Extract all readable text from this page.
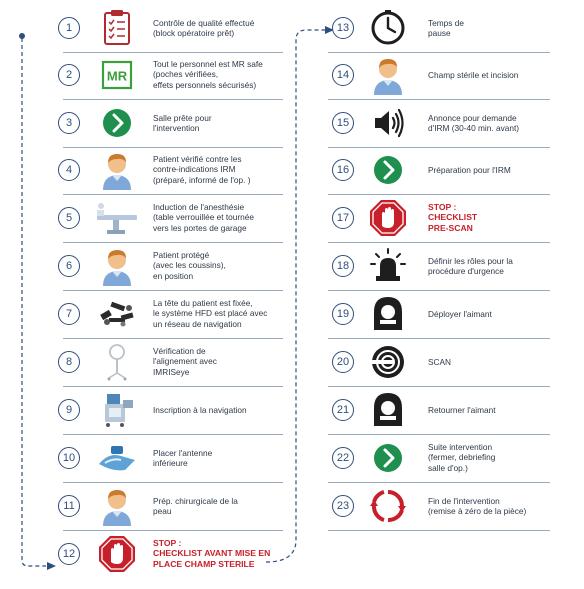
1	Contrôle de qualité effectué
(block opératoire prêt)
2	MR
Tout le personnel est MR safe
(poches vérifiées,
effets personnels sécurisés)
3	Salle prête pour
l'intervention
4
Patient vérifié contre les
contre-indications IRM
(préparé, informé de l'op. )
5
Induction de l'anesthésie
(table verrouillée et tournée
vers les portes de garage
6
Patient protégé
(avec les coussins),
en position
7
La tête du patient est fixée,
le système HFD est placé avec
un réseau de navigation
8
Vérification de
l'alignement avec
IMRISeye
9	Inscription à la navigation
10	Placer l'antenne
inférieure
11	Prép. chirurgicale de la
peau
12
STOP :
CHECKLIST AVANT MISE EN
PLACE CHAMP STERILE
13	Temps de
pause
14	Champ stérile et incision
15	Annonce pour demande
d'IRM (30-40 min. avant)
16	Préparation pour l'IRM
17
STOP :
CHECKLIST
PRE-SCAN
18	Définir les rôles pour la
procédure d'urgence
19	Déployer l'aimant
20	SCAN
21	Retourner l'aimant
22
Suite intervention
(fermer, debriefing
salle d'op.)
23	Fin de l'intervention
(remise à zéro de la pièce)
